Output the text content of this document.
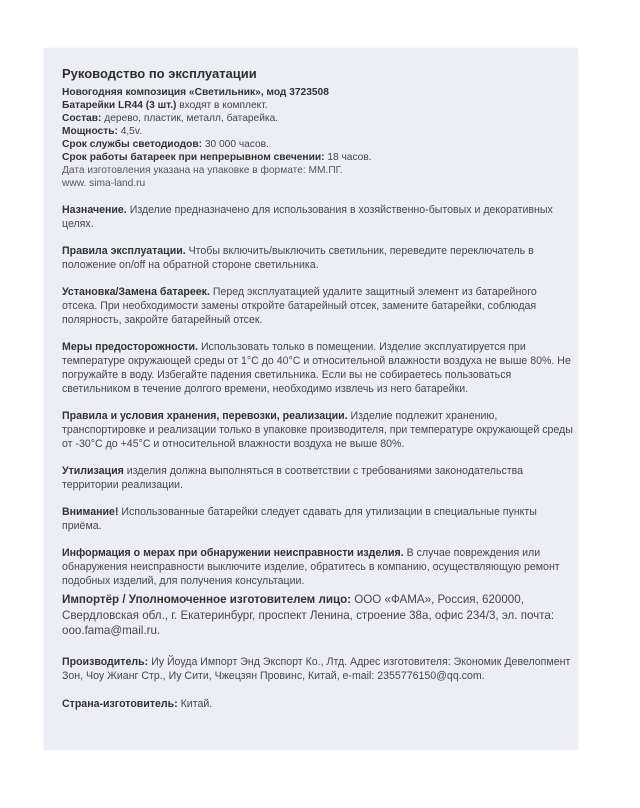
Руководство по эксплуатации
Новогодняя композиция «Светильник», мод 3723508
Батарейки LR44 (3 шт.) входят в комплект.
Состав: дерево, пластик, металл, батарейка.
Мощность: 4,5v.
Срок службы светодиодов: 30 000 часов.
Срок работы батареек при непрерывном свечении: 18 часов.
Дата изготовления указана на упаковке в формате: ММ.ПГ.
www. sima-land.ru
Назначение. Изделие предназначено для использования в хозяйственно-бытовых и декоративных целях.
Правила эксплуатации. Чтобы включить/выключить светильник, переведите переключатель в положение on/off на обратной стороне светильника.
Установка/Замена батареек. Перед эксплуатацией удалите защитный элемент из батарейного отсека. При необходимости замены откройте батарейный отсек, замените батарейки, соблюдая полярность, закройте батарейный отсек.
Меры предосторожности. Использовать только в помещении. Изделие эксплуатируется при температуре окружающей среды от 1°С до 40°С и относительной влажности воздуха не выше 80%. Не погружайте в воду. Избегайте падения светильника. Если вы не собираетесь пользоваться светильником в течение долгого времени, необходимо извлечь из него батарейки.
Правила и условия хранения, перевозки, реализации. Изделие подлежит хранению, транспортировке и реализации только в упаковке производителя, при температуре окружающей среды от -30°С до +45°С и относительной влажности воздуха не выше 80%.
Утилизация изделия должна выполняться в соответствии с требованиями законодательства территории реализации.
Внимание! Использованные батарейки следует сдавать для утилизации в специальные пункты приёма.
Информация о мерах при обнаружении неисправности изделия. В случае повреждения или обнаружения неисправности выключите изделие, обратитесь в компанию, осуществляющую ремонт подобных изделий, для получения консультации.
Импортёр / Уполномоченное изготовителем лицо: ООО «ФАМА», Россия, 620000, Свердловская обл., г. Екатеринбург, проспект Ленина, строение 38а, офис 234/3, эл. почта: ooo.fama@mail.ru.
Производитель: Иу Йоуда Импорт Энд Экспорт Ко., Лтд. Адрес изготовителя: Экономик Девелопмент Зон, Чоу Жианг Стр., Иу Сити, Чжецзян Провинс, Китай, e-mail: 2355776150@qq.com.
Страна-изготовитель: Китай.
